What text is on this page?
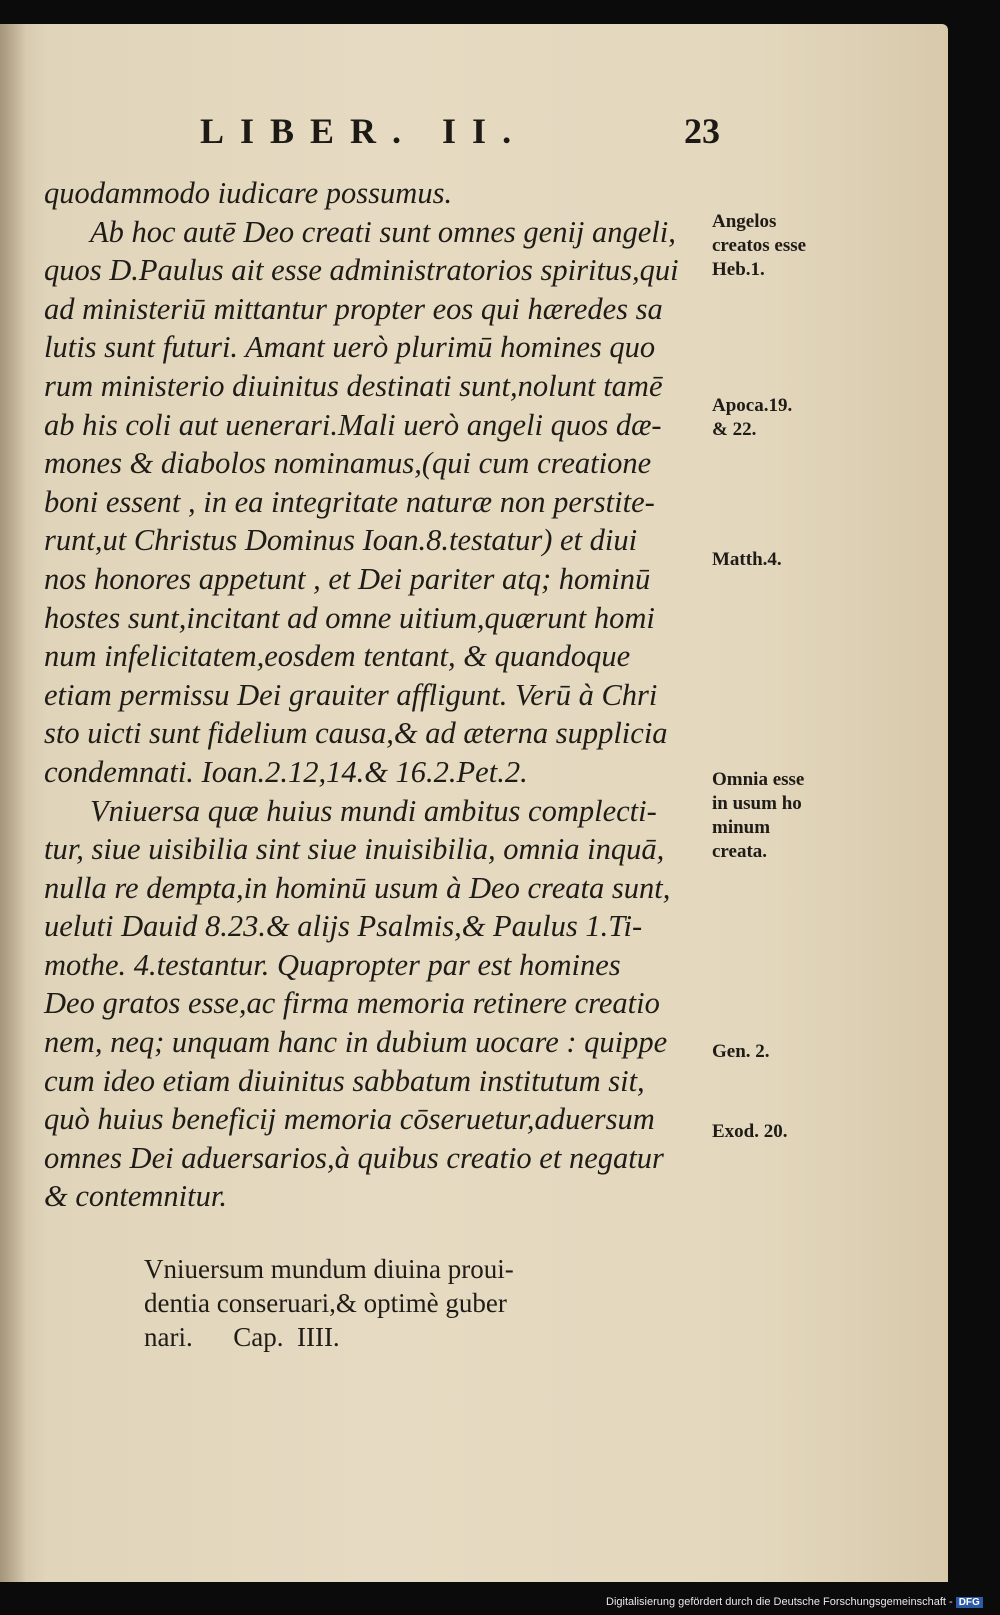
LIBER. II.	23
quodammodo iudicare possumus.
Ab hoc autē Deo creati sunt omnes genij angeli,
quos D.Paulus ait esse administratorios spiritus,qui
ad ministeriū mittantur propter eos qui hæredes sa
lutis sunt futuri. Amant uerò plurimū homines quo
rum ministerio diuinitus destinati sunt,nolunt tamē
ab his coli aut uenerari.Mali uerò angeli quos dæ-
mones & diabolos nominamus,(qui cum creatione
boni essent , in ea integritate naturæ non perstite-
runt,ut Christus Dominus Ioan.8.testatur) et diui
nos honores appetunt , et Dei pariter atq; hominū
hostes sunt,incitant ad omne uitium,quærunt homi
num infelicitatem,eosdem tentant, & quandoque
etiam permissu Dei grauiter affligunt. Verū à Chri
sto uicti sunt fidelium causa,& ad æterna supplicia
condemnati. Ioan.2.12,14.& 16.2.Pet.2.
Vniuersa quæ huius mundi ambitus complecti-
tur, siue uisibilia sint siue inuisibilia, omnia inquā,
nulla re dempta,in hominū usum à Deo creata sunt,
ueluti Dauid 8.23.& alijs Psalmis,& Paulus 1.Ti-
mothe. 4.testantur. Quapropter par est homines
Deo gratos esse,ac firma memoria retinere creatio
nem, neq; unquam hanc in dubium uocare : quippe
cum ideo etiam diuinitus sabbatum institutum sit,
quò huius beneficij memoria cōseruetur,aduersum
omnes Dei aduersarios,à quibus creatio et negatur
& contemnitur.
Vniuersum mundum diuina proui-
dentia conseruari,& optimè guber
nari.      Cap.  IIII.
Angelos
creatos esse
Heb.1.
Apoca.19.
& 22.
Matth.4.
Omnia esse
in usum ho
minum
creata.
Gen. 2.
Exod. 20.
Digitalisierung gefördert durch die Deutsche Forschungsgemeinschaft - DFG
